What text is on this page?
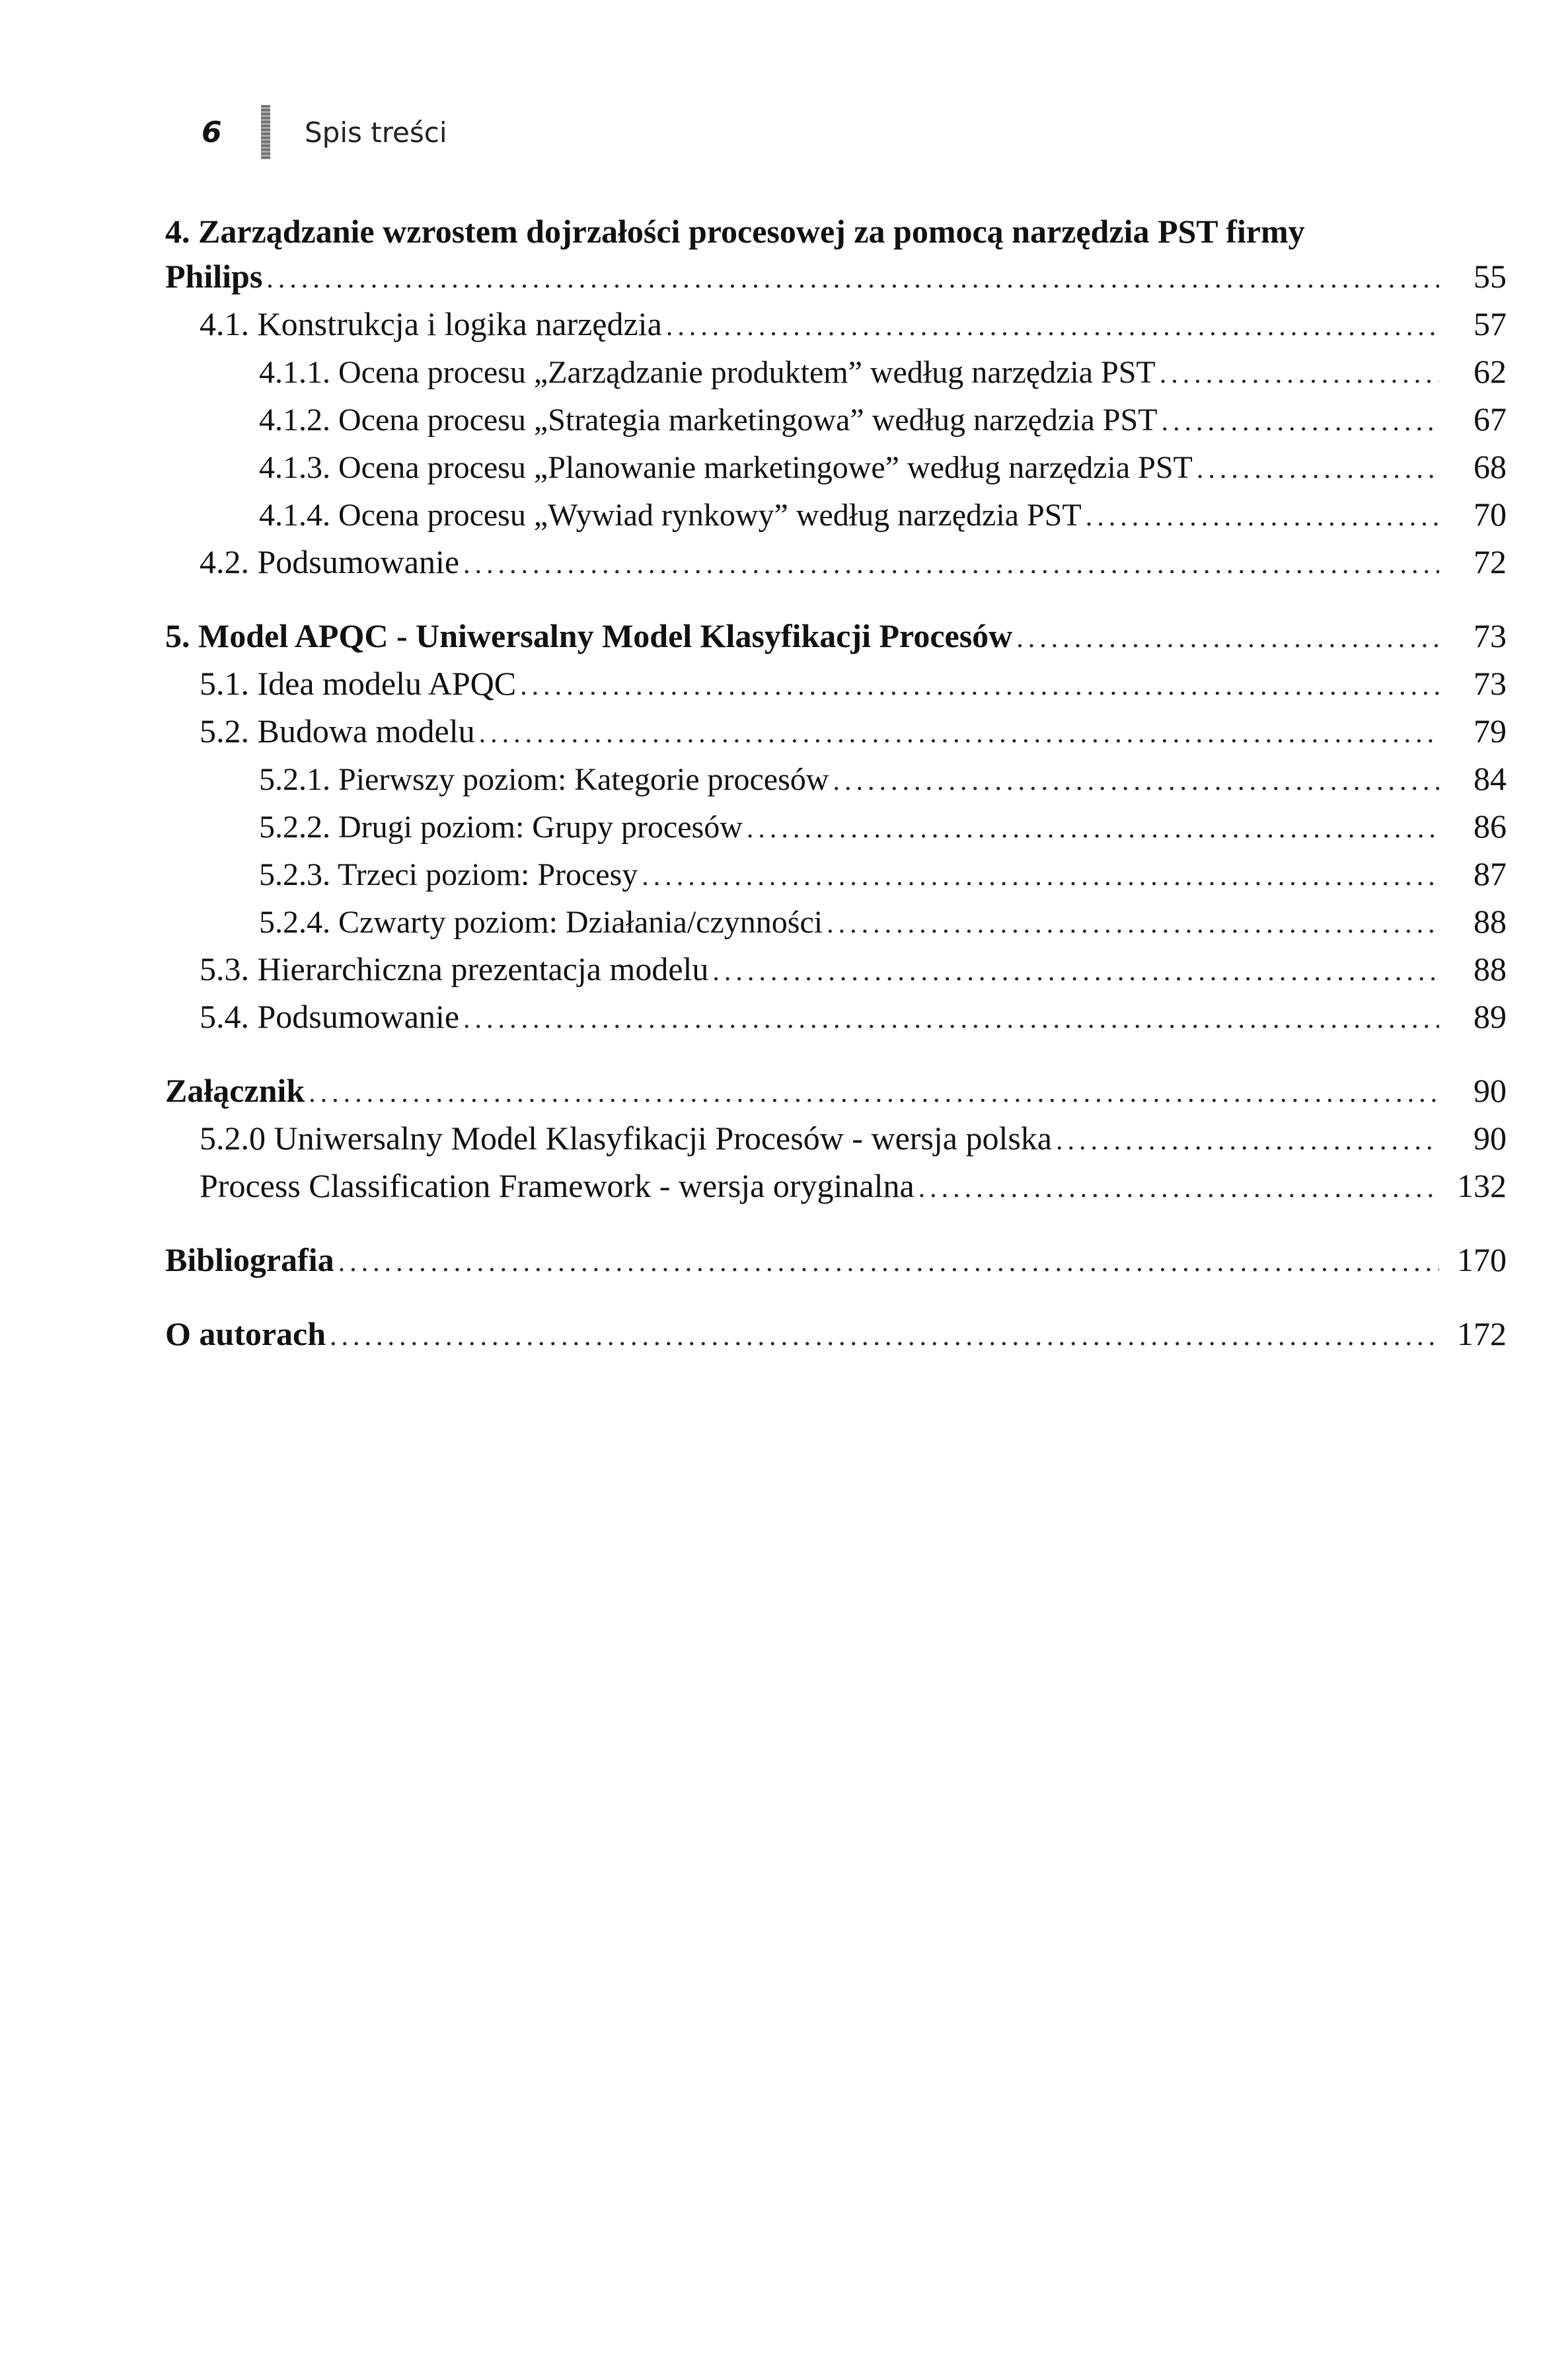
6	Spis treści
4. Zarządzanie wzrostem dojrzałości procesowej za pomocą narzędzia PST firmy
Philips .....	55
4.1. Konstrukcja i logika narzędzia .....	57
4.1.1. Ocena procesu „Zarządzanie produktem” według narzędzia PST .....	62
4.1.2. Ocena procesu „Strategia marketingowa” według narzędzia PST .....	67
4.1.3. Ocena procesu „Planowanie marketingowe” według narzędzia PST .....	68
4.1.4. Ocena procesu „Wywiad rynkowy” według narzędzia PST .....	70
4.2. Podsumowanie .....	72
5. Model APQC - Uniwersalny Model Klasyfikacji Procesów .....	73
5.1. Idea modelu APQC .....	73
5.2. Budowa modelu .....	79
5.2.1. Pierwszy poziom: Kategorie procesów .....	84
5.2.2. Drugi poziom: Grupy procesów .....	86
5.2.3. Trzeci poziom: Procesy .....	87
5.2.4. Czwarty poziom: Działania/czynności .....	88
5.3. Hierarchiczna prezentacja modelu .....	88
5.4. Podsumowanie .....	89
Załącznik .....	90
5.2.0 Uniwersalny Model Klasyfikacji Procesów - wersja polska .....	90
Process Classification Framework - wersja oryginalna .....	132
Bibliografia .....	170
O autorach .....	172
